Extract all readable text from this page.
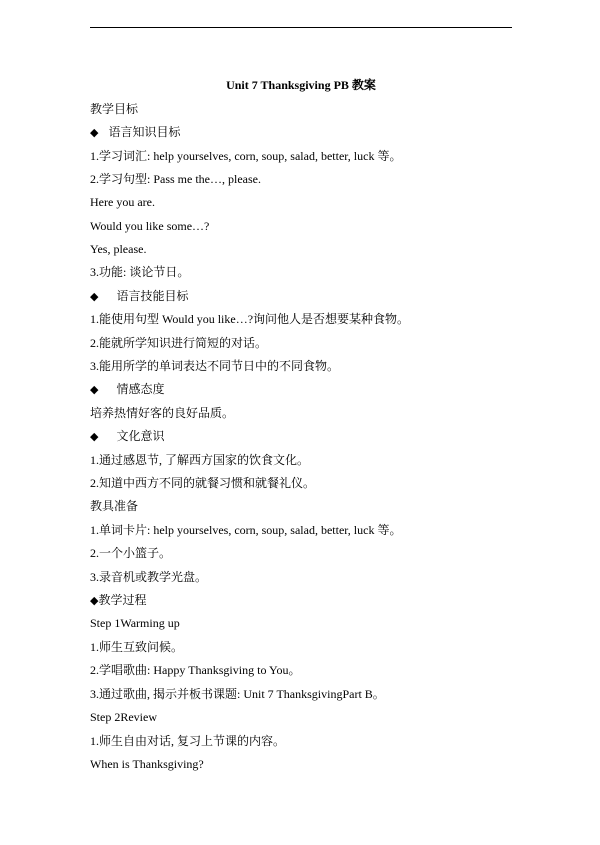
Unit 7 Thanksgiving PB 教案
教学目标
◆ 语言知识目标
1.学习词汇: help yourselves, corn, soup, salad, better, luck 等。
2.学习句型: Pass me the…, please.
Here you are.
Would you like some…?
Yes, please.
3.功能: 谈论节日。
◆ 语言技能目标
1.能使用句型 Would you like…?询问他人是否想要某种食物。
2.能就所学知识进行简短的对话。
3.能用所学的单词表达不同节日中的不同食物。
◆ 情感态度
培养热情好客的良好品质。
◆ 文化意识
1.通过感恩节, 了解西方国家的饮食文化。
2.知道中西方不同的就餐习惯和就餐礼仪。
教具准备
1.单词卡片: help yourselves, corn, soup, salad, better, luck 等。
2.一个小篮子。
3.录音机或教学光盘。
◆教学过程
Step 1Warming up
1.师生互致问候。
2.学唱歌曲: Happy Thanksgiving to You。
3.通过歌曲, 揭示并板书课题: Unit 7 ThanksgivingPart B。
Step 2Review
1.师生自由对话, 复习上节课的内容。
When is Thanksgiving?
